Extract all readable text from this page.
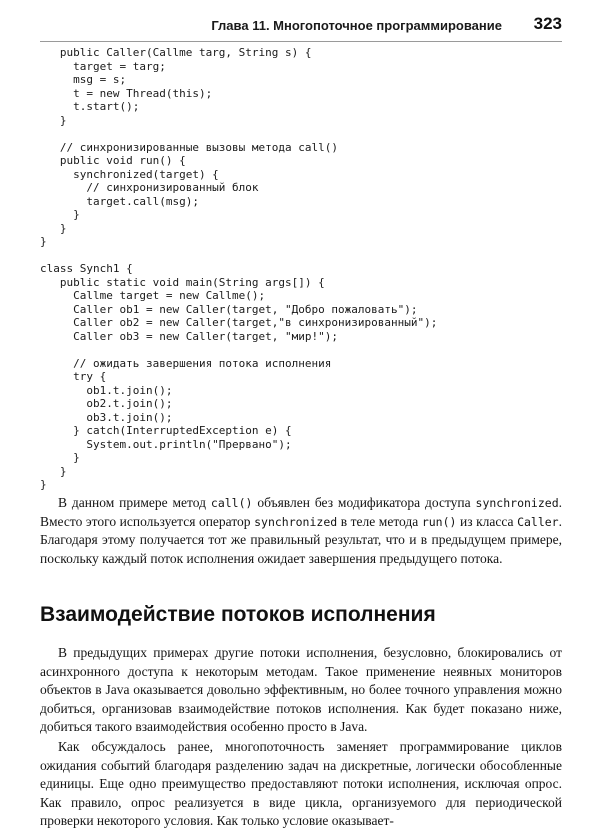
Глава 11. Многопоточное программирование 323
public Caller(Callme targ, String s) {
target = targ;
msg = s;
t = new Thread(this);
t.start();
}
// синхронизированные вызовы метода call()
public void run() {
synchronized(target) {
// синхронизированный блок
target.call(msg);
}
}
}
class Synch1 {
public static void main(String args[]) {
Callme target = new Callme();
Caller ob1 = new Caller(target, "Добро пожаловать");
Caller ob2 = new Caller(target,"в синхронизированный");
Caller ob3 = new Caller(target, "мир!");
// ожидать завершения потока исполнения
try {
ob1.t.join();
ob2.t.join();
ob3.t.join();
} catch(InterruptedException e) {
System.out.println("Прервано");
}
}
}

В данном примере метод call() объявлен без модификатора доступа synchronized. Вместо этого используется оператор synchronized в теле метода run() из класса Caller. Благодаря этому получается тот же правильный результат, что и в предыдущем примере, поскольку каждый поток исполнения ожидает завершения предыдущего потока.

Взаимодействие потоков исполнения

В предыдущих примерах другие потоки исполнения, безусловно, блокировались от асинхронного доступа к некоторым методам. Такое применение неявных мониторов объектов в Java оказывается довольно эффективным, но более точного управления можно добиться, организовав взаимодействие потоков исполнения. Как будет показано ниже, добиться такого взаимодействия особенно просто в Java.

Как обсуждалось ранее, многопоточность заменяет программирование циклов ожидания событий благодаря разделению задач на дискретные, логически обособленные единицы. Еще одно преимущество предоставляют потоки исполнения, исключая опрос. Как правило, опрос реализуется в виде цикла, организуемого для периодической проверки некоторого условия. Как только условие оказывает-
